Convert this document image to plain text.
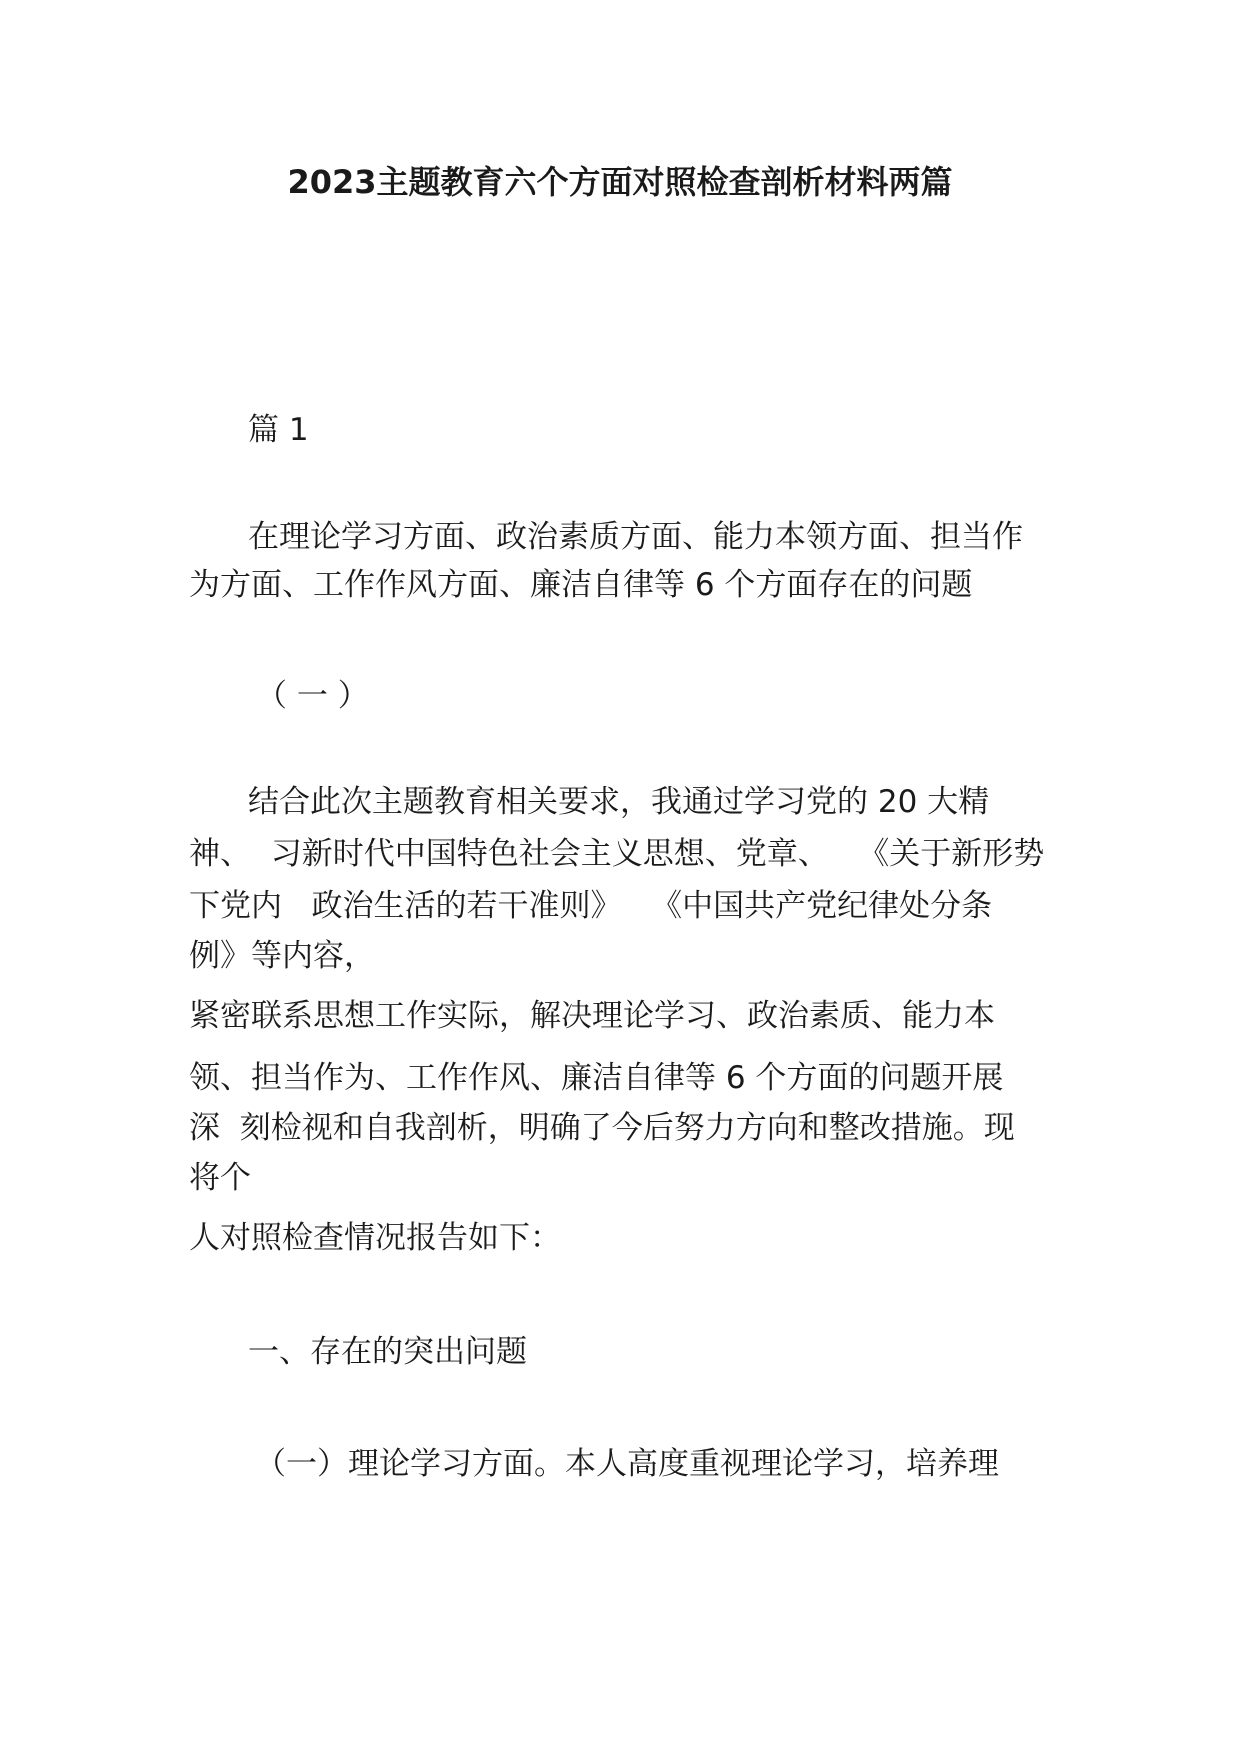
2023主题教育六个方面对照检查剖析材料两篇
篇 1
在理论学习方面、政治素质方面、能力本领方面、担当作
为方面、工作作风方面、廉洁自律等 6 个方面存在的问题
（ 一 ）
结合此次主题教育相关要求，我通过学习党的 20 大精
神、  习新时代中国特色社会主义思想、党章、   《关于新形势
下党内   政治生活的若干准则》   《中国共产党纪律处分条
例》等内容，
紧密联系思想工作实际，解决理论学习、政治素质、能力本
领、担当作为、工作作风、廉洁自律等 6 个方面的问题开展
深  刻检视和自我剖析，明确了今后努力方向和整改措施。现
将个
人对照检查情况报告如下：
一、存在的突出问题
（一）理论学习方面。本人高度重视理论学习，培养理
